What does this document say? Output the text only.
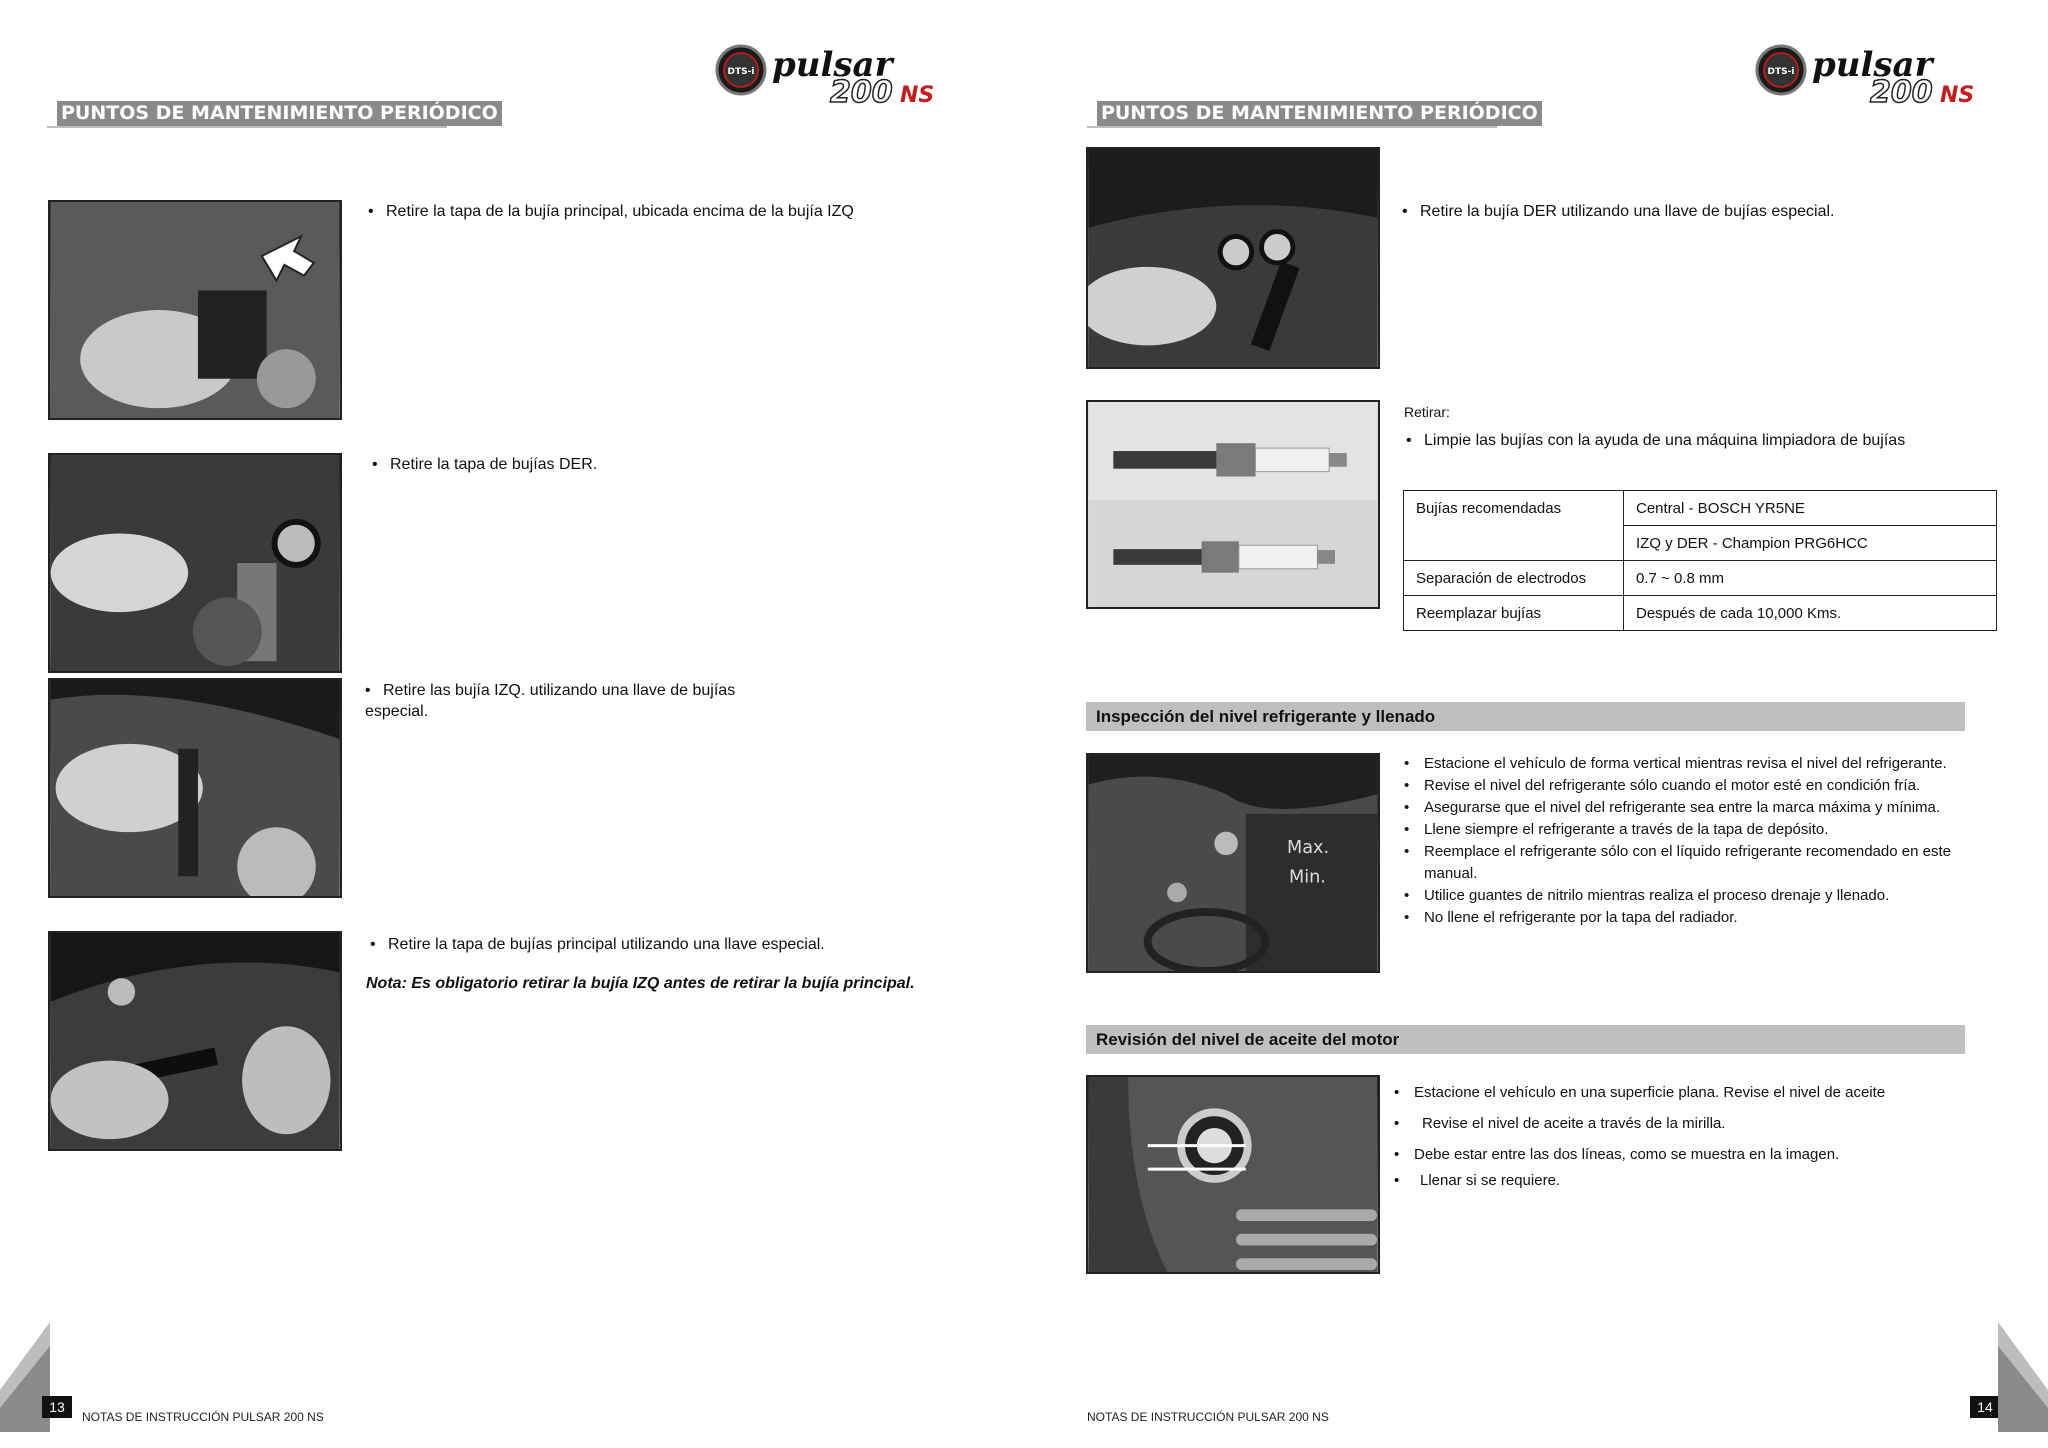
DTS-i pulsar
200 NS
PUNTOS DE MANTENIMIENTO PERIÓDICO
• Retire la tapa de la bujía principal, ubicada encima de la bujía IZQ
• Retire la tapa de bujías DER.
• Retire las bujía IZQ. utilizando una llave de bujías especial.
• Retire la tapa de bujías principal utilizando una llave especial.
Nota: Es obligatorio retirar la bujía IZQ antes de retirar la bujía principal.
13
NOTAS DE INSTRUCCIÓN PULSAR 200 NS
DTS-i pulsar
200 NS
PUNTOS DE MANTENIMIENTO PERIÓDICO
• Retire la bujía DER utilizando una llave de bujías especial.
Retirar:
• Limpie las bujías con la ayuda de una máquina limpiadora de bujías
Bujías recomendadas	Central - BOSCH YR5NE
	IZQ y DER - Champion PRG6HCC
Separación de electrodos	0.7 ~ 0.8 mm
Reemplazar bujías	Después de cada 10,000 Kms.
Inspección del nivel refrigerante y llenado
Max.
Min.
• Estacione el vehículo de forma vertical mientras revisa el nivel del refrigerante.
• Revise el nivel del refrigerante sólo cuando el motor esté en condición fría.
• Asegurarse que el nivel del refrigerante sea entre la marca máxima y mínima.
• Llene siempre el refrigerante a través de la tapa de depósito.
• Reemplace el refrigerante sólo con el líquido refrigerante recomendado en este manual.
• Utilice guantes de nitrilo mientras realiza el proceso drenaje y llenado.
• No llene el refrigerante por la tapa del radiador.
Revisión del nivel de aceite del motor
• Estacione el vehículo en una superficie plana. Revise el nivel de aceite
• Revise el nivel de aceite a través de la mirilla.
• Debe estar entre las dos líneas, como se muestra en la imagen.
• Llenar si se requiere.
NOTAS DE INSTRUCCIÓN PULSAR 200 NS
14
